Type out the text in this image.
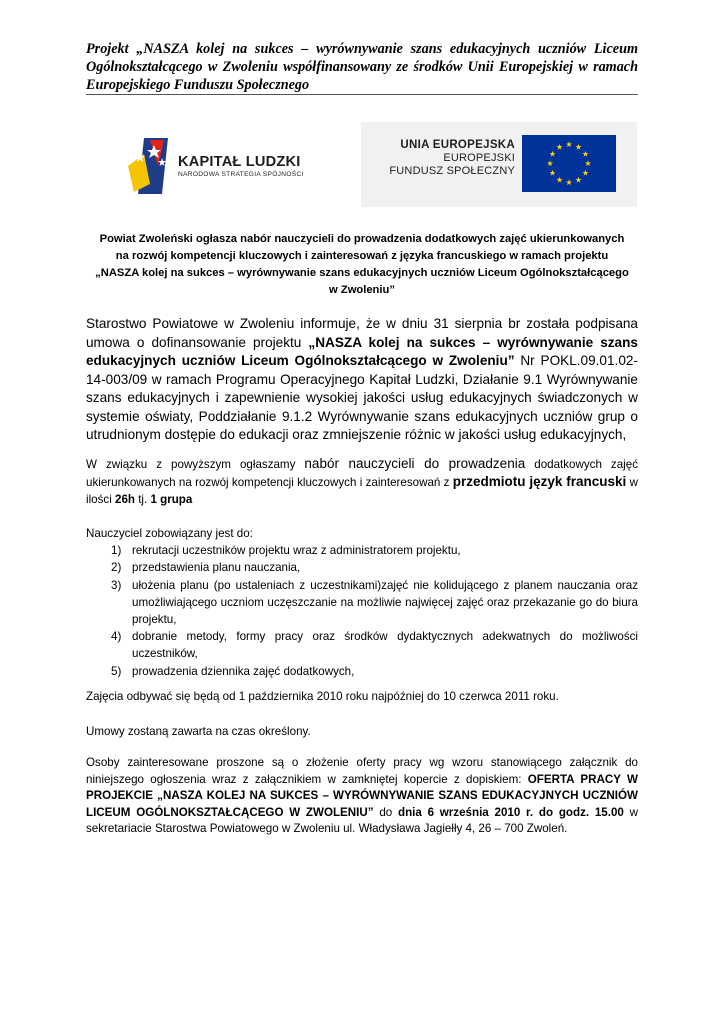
Projekt „NASZA kolej na sukces – wyrównywanie szans edukacyjnych uczniów Liceum Ogólnokształcącego w Zwoleniu współfinansowany ze środków Unii Europejskiej w ramach Europejskiego Funduszu Społecznego
KAPITAŁ LUDZKI
NARODOWA STRATEGIA SPÓJNOŚCI
UNIA EUROPEJSKA
EUROPEJSKI
FUNDUSZ SPOŁECZNY
Powiat Zwoleński ogłasza nabór nauczycieli do prowadzenia dodatkowych zajęć ukierunkowanych
na rozwój kompetencji kluczowych i zainteresowań z języka francuskiego w ramach projektu
„NASZA kolej na sukces – wyrównywanie szans edukacyjnych uczniów Liceum Ogólnokształcącego
w Zwoleniu”
Starostwo Powiatowe w Zwoleniu informuje, że w dniu 31 sierpnia br została podpisana umowa o dofinansowanie projektu „NASZA kolej na sukces – wyrównywanie szans edukacyjnych uczniów Liceum Ogólnokształcącego w Zwoleniu” Nr POKL.09.01.02-14-003/09 w ramach Programu Operacyjnego Kapitał Ludzki, Działanie 9.1 Wyrównywanie szans edukacyjnych i zapewnienie wysokiej jakości usług edukacyjnych świadczonych w systemie oświaty, Poddziałanie 9.1.2 Wyrównywanie szans edukacyjnych uczniów grup o utrudnionym dostępie do edukacji oraz zmniejszenie różnic w jakości usług edukacyjnych,
W związku z powyższym ogłaszamy nabór nauczycieli do prowadzenia dodatkowych zajęć ukierunkowanych na rozwój kompetencji kluczowych i zainteresowań z przedmiotu język francuski w ilości 26h tj. 1 grupa
Nauczyciel zobowiązany jest do:
1) rekrutacji uczestników projektu wraz z administratorem projektu,
2) przedstawienia planu nauczania,
3) ułożenia planu (po ustaleniach z uczestnikami)zajęć nie kolidującego z planem nauczania oraz umożliwiającego uczniom uczęszczanie na możliwie najwięcej zajęć oraz przekazanie go do biura projektu,
4) dobranie metody, formy pracy oraz środków dydaktycznych adekwatnych do możliwości uczestników,
5) prowadzenia dziennika zajęć dodatkowych,
Zajęcia odbywać się będą od 1 października 2010 roku najpóźniej do 10 czerwca 2011 roku.
Umowy zostaną zawarta na czas określony.
Osoby zainteresowane proszone są o złożenie oferty pracy wg wzoru stanowiącego załącznik do niniejszego ogłoszenia wraz z załącznikiem w zamkniętej kopercie z dopiskiem: OFERTA PRACY W PROJEKCIE „NASZA KOLEJ NA SUKCES – WYRÓWNYWANIE SZANS EDUKACYJNYCH UCZNIÓW LICEUM OGÓLNOKSZTAŁCĄCEGO W ZWOLENIU” do dnia 6 września 2010 r. do godz. 15.00 w sekretariacie Starostwa Powiatowego w Zwoleniu ul. Władysława Jagiełły 4, 26 – 700 Zwoleń.
